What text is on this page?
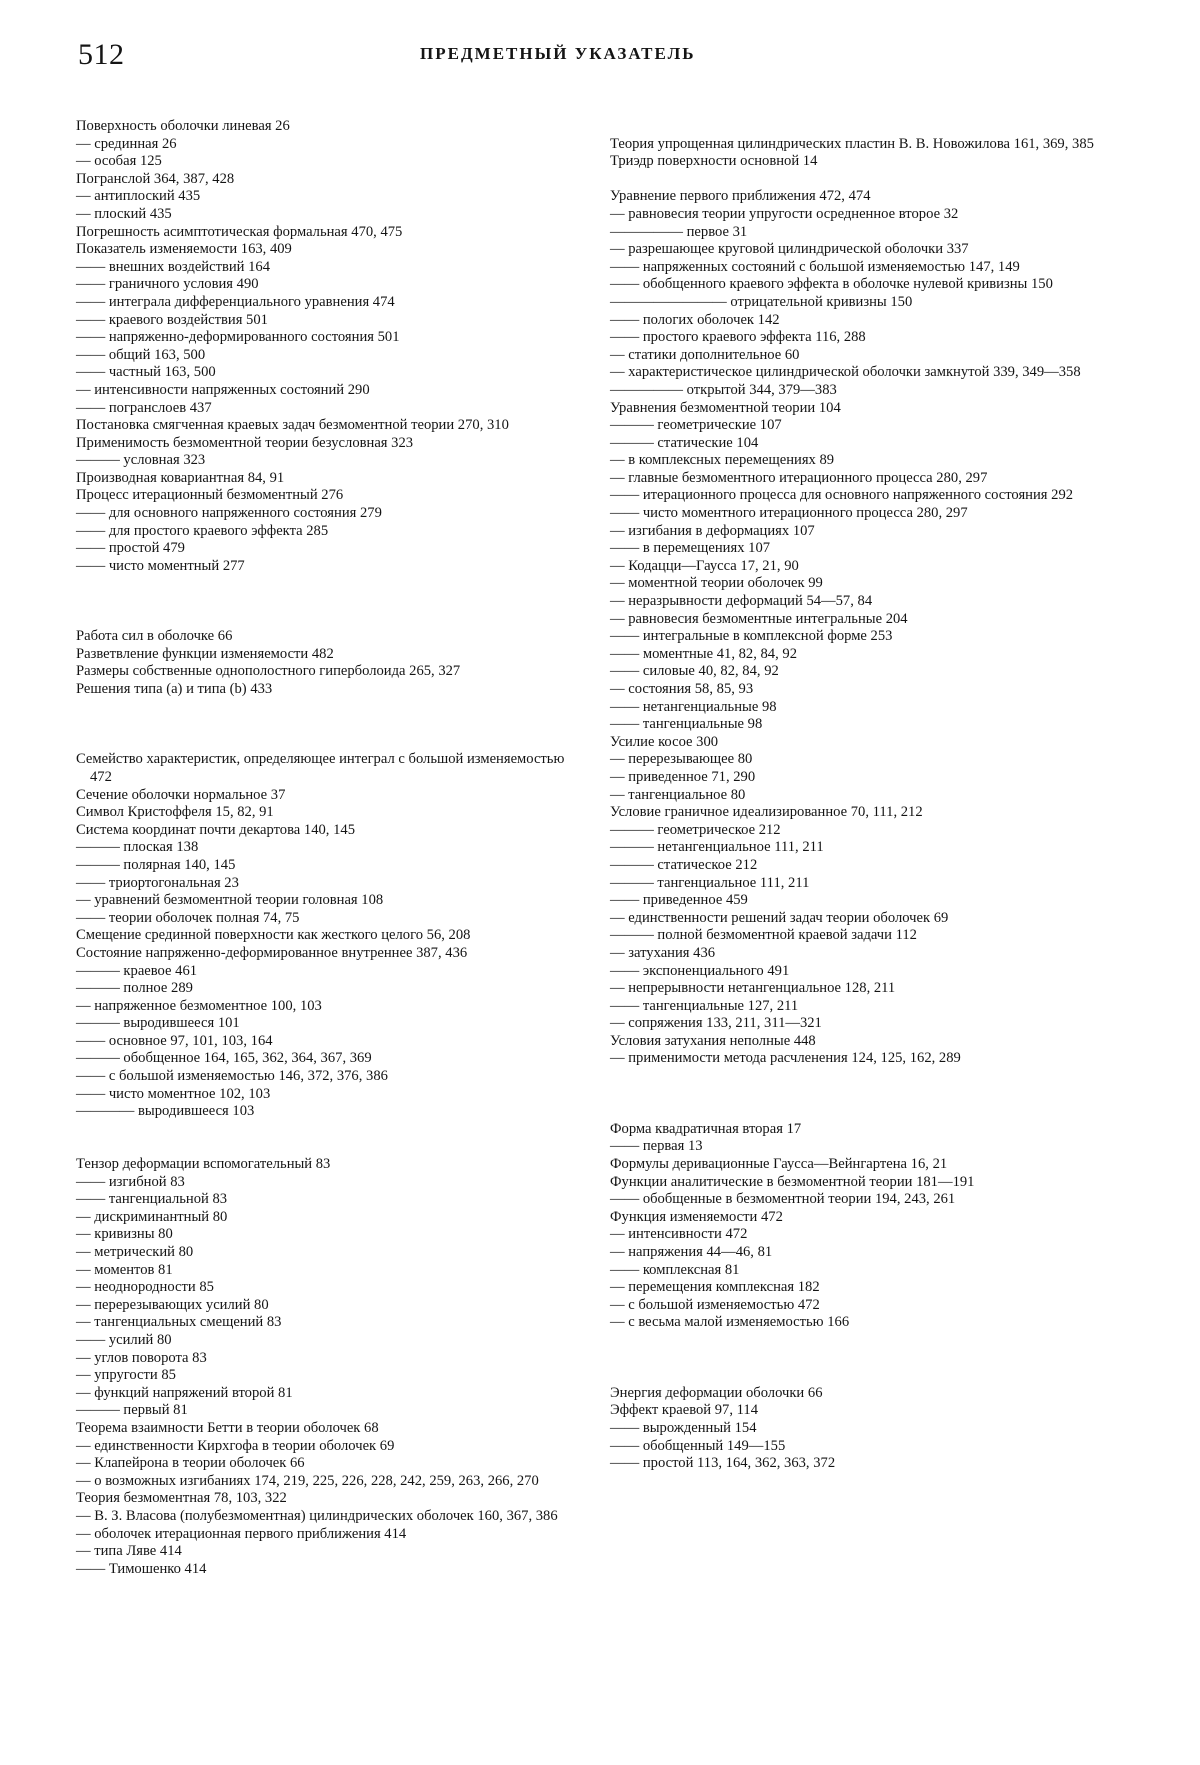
512	ПРЕДМЕТНЫЙ УКАЗАТЕЛЬ
Поверхность оболочки линевая 26
— срединная 26
— особая 125
Погранслой 364, 387, 428
— антиплоский 435
— плоский 435
Погрешность асимптотическая формальная 470, 475
Показатель изменяемости 163, 409
—— внешних воздействий 164
—— граничного условия 490
—— интеграла дифференциального уравнения 474
—— краевого воздействия 501
—— напряженно-деформированного состояния 501
—— общий 163, 500
—— частный 163, 500
— интенсивности напряженных состояний 290
—— погранслоев 437
Постановка смягченная краевых задач безмоментной теории 270, 310
Применимость безмоментной теории безусловная 323
——— условная 323
Производная ковариантная 84, 91
Процесс итерационный безмоментный 276
—— для основного напряженного состояния 279
—— для простого краевого эффекта 285
—— простой 479
—— чисто моментный 277
Работа сил в оболочке 66
Разветвление функции изменяемости 482
Размеры собственные однополостного гиперболоида 265, 327
Решения типа (a) и типа (b) 433
Семейство характеристик, определяющее интеграл с большой изменяемостью 472
Сечение оболочки нормальное 37
Символ Кристоффеля 15, 82, 91
Система координат почти декартова 140, 145
——— плоская 138
——— полярная 140, 145
—— триортогональная 23
— уравнений безмоментной теории головная 108
—— теории оболочек полная 74, 75
Смещение срединной поверхности как жесткого целого 56, 208
Состояние напряженно-деформированное внутреннее 387, 436
——— краевое 461
——— полное 289
— напряженное безмоментное 100, 103
——— выродившееся 101
—— основное 97, 101, 103, 164
——— обобщенное 164, 165, 362, 364, 367, 369
—— с большой изменяемостью 146, 372, 376, 386
—— чисто моментное 102, 103
———— выродившееся 103
Тензор деформации вспомогательный 83
—— изгибной 83
—— тангенциальной 83
— дискриминантный 80
— кривизны 80
— метрический 80
— моментов 81
— неоднородности 85
— перерезывающих усилий 80
— тангенциальных смещений 83
—— усилий 80
— углов поворота 83
— упругости 85
— функций напряжений второй 81
——— первый 81
Теорема взаимности Бетти в теории оболочек 68
— единственности Кирхгофа в теории оболочек 69
— Клапейрона в теории оболочек 66
— о возможных изгибаниях 174, 219, 225, 226, 228, 242, 259, 263, 266, 270
Теория безмоментная 78, 103, 322
— В. З. Власова (полубезмоментная) цилиндрических оболочек 160, 367, 386
— оболочек итерационная первого приближения 414
— типа Ляве 414
—— Тимошенко 414
Теория упрощенная цилиндрических пластин В. В. Новожилова 161, 369, 385
Триэдр поверхности основной 14
Уравнение первого приближения 472, 474
— равновесия теории упругости осредненное второе 32
————— первое 31
— разрешающее круговой цилиндрической оболочки 337
—— напряженных состояний с большой изменяемостью 147, 149
—— обобщенного краевого эффекта в оболочке нулевой кривизны 150
———————— отрицательной кривизны 150
—— пологих оболочек 142
—— простого краевого эффекта 116, 288
— статики дополнительное 60
— характеристическое цилиндрической оболочки замкнутой 339, 349—358
————— открытой 344, 379—383
Уравнения безмоментной теории 104
——— геометрические 107
——— статические 104
— в комплексных перемещениях 89
— главные безмоментного итерационного процесса 280, 297
—— итерационного процесса для основного напряженного состояния 292
—— чисто моментного итерационного процесса 280, 297
— изгибания в деформациях 107
—— в перемещениях 107
— Кодацци—Гаусса 17, 21, 90
— моментной теории оболочек 99
— неразрывности деформаций 54—57, 84
— равновесия безмоментные интегральные 204
—— интегральные в комплексной форме 253
—— моментные 41, 82, 84, 92
—— силовые 40, 82, 84, 92
— состояния 58, 85, 93
—— нетангенциальные 98
—— тангенциальные 98
Усилие косое 300
— перерезывающее 80
— приведенное 71, 290
— тангенциальное 80
Условие граничное идеализированное 70, 111, 212
——— геометрическое 212
——— нетангенциальное 111, 211
——— статическое 212
——— тангенциальное 111, 211
—— приведенное 459
— единственности решений задач теории оболочек 69
——— полной безмоментной краевой задачи 112
— затухания 436
—— экспоненциального 491
— непрерывности нетангенциальное 128, 211
—— тангенциальные 127, 211
— сопряжения 133, 211, 311—321
Условия затухания неполные 448
— применимости метода расчленения 124, 125, 162, 289
Форма квадратичная вторая 17
—— первая 13
Формулы деривационные Гаусса—Вейнгартена 16, 21
Функции аналитические в безмоментной теории 181—191
—— обобщенные в безмоментной теории 194, 243, 261
Функция изменяемости 472
— интенсивности 472
— напряжения 44—46, 81
—— комплексная 81
— перемещения комплексная 182
— с большой изменяемостью 472
— с весьма малой изменяемостью 166
Энергия деформации оболочки 66
Эффект краевой 97, 114
—— вырожденный 154
—— обобщенный 149—155
—— простой 113, 164, 362, 363, 372
